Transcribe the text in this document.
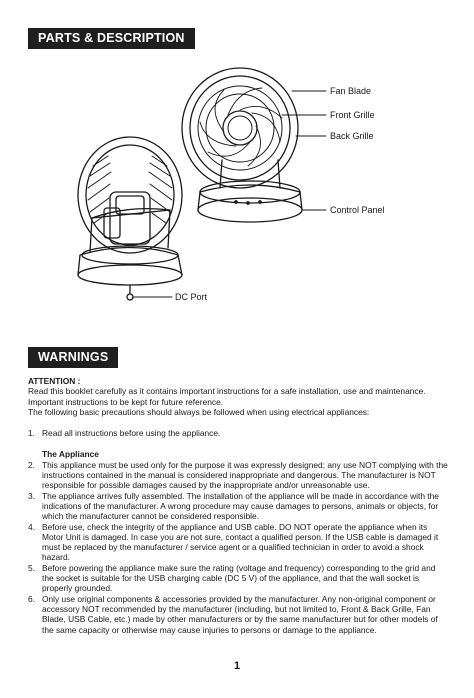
PARTS & DESCRIPTION
Fan Blade
Front Grille
Back Grille
Control Panel
DC Port
WARNINGS

ATTENTION :

Read this booklet carefully as it contains important instructions for a safe installation, use and maintenance. Important instructions to be kept for future reference.

The following basic precautions should always be followed when using electrical appliances:

1. Read all instructions before using the appliance.

The Appliance

2. This appliance must be used only for the purpose it was expressly designed; any use NOT complying with the instructions contained in the manual is considered inappropriate and dangerous. The manufacturer is NOT responsible for possible damages caused by the inappropriate and/or unreasonable use.
3. The appliance arrives fully assembled. The installation of the appliance will be made in accordance with the indications of the manufacturer. A wrong procedure may cause damages to persons, animals or objects, for which the manufacturer cannot be considered responsible.
4. Before use, check the integrity of the appliance and USB cable. DO NOT operate the appliance when its Motor Unit is damaged. In case you are not sure, contact a qualified person. If the USB cable is damaged it must be replaced by the manufacturer / service agent or a qualified technician in order to avoid a shock hazard.
5. Before powering the appliance make sure the rating (voltage and frequency) corresponding to the grid and the socket is suitable for the USB charging cable (DC 5 V) of the appliance, and that the wall socket is properly grounded.
6. Only use original components & accessories provided by the manufacturer. Any non-original component or accessory NOT recommended by the manufacturer (including, but not limited to, Front & Back Grille, Fan Blade, USB Cable, etc.) made by other manufacturers or by the same manufacturer but for other models of the same capacity or otherwise may cause injuries to persons or damage to the appliance.
1
